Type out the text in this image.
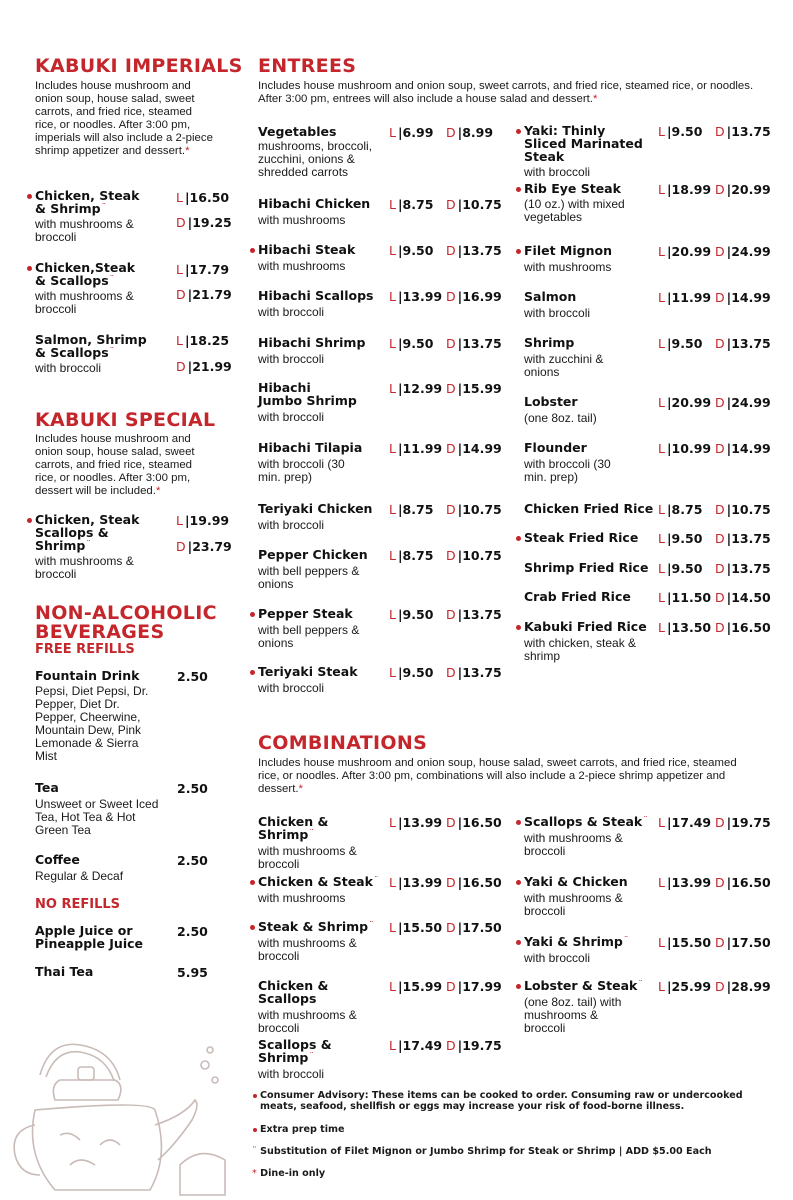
KABUKI IMPERIALS
Includes house mushroom and onion soup, house salad, sweet carrots, and fried rice, steamed rice, or noodles. After 3:00 pm, imperials will also include a 2-piece shrimp appetizer and dessert.*
Chicken, Steak & Shrimp¨
with mushrooms & broccoli
L |16.50
D |19.25
Chicken,Steak & Scallops¨
with mushrooms & broccoli
L |17.79
D |21.79
Salmon, Shrimp & Scallops¨
with broccoli
L |18.25
D |21.99
KABUKI SPECIAL
Includes house mushroom and onion soup, house salad, sweet carrots, and fried rice, steamed rice, or noodles. After 3:00 pm, dessert will be included.*
Chicken, Steak Scallops & Shrimp¨
with mushrooms & broccoli
L |19.99
D |23.79
NON-ALCOHOLIC BEVERAGES
FREE REFILLS
Fountain Drink
Pepsi, Diet Pepsi, Dr. Pepper, Diet Dr. Pepper, Cheerwine, Mountain Dew, Pink Lemonade & Sierra Mist
2.50
Tea
Unsweet or Sweet Iced Tea, Hot Tea & Hot Green Tea
2.50
Coffee
Regular & Decaf
2.50
NO REFILLS
Apple Juice or Pineapple Juice
2.50
Thai Tea	5.95
ENTREES
Includes house mushroom and onion soup, sweet carrots, and fried rice, steamed rice, or noodles. After 3:00 pm, entrees will also include a house salad and dessert.*
Vegetables
mushrooms, broccoli, zucchini, onions & shredded carrots
L |6.99 D |8.99
Hibachi Chicken
with mushrooms
L |8.75 D |10.75
Hibachi Steak
with mushrooms
L |9.50 D |13.75
Hibachi Scallops
with broccoli
L |13.99 D |16.99
Hibachi Shrimp
with broccoli
L |9.50 D |13.75
Hibachi Jumbo Shrimp
with broccoli
L |12.99 D |15.99
Hibachi Tilapia
with broccoli (30 min. prep)
L |11.99 D |14.99
Teriyaki Chicken
with broccoli
L |8.75 D |10.75
Pepper Chicken
with bell peppers & onions
L |8.75 D |10.75
Pepper Steak
with bell peppers & onions
L |9.50 D |13.75
Teriyaki Steak
with broccoli
L |9.50 D |13.75
Yaki: Thinly Sliced Marinated Steak
with broccoli
L |9.50 D |13.75
Rib Eye Steak
(10 oz.) with mixed vegetables
L |18.99 D |20.99
Filet Mignon
with mushrooms
L |20.99 D |24.99
Salmon
with broccoli
L |11.99 D |14.99
Shrimp
with zucchini & onions
L |9.50 D |13.75
Lobster
(one 8oz. tail)
L |20.99 D |24.99
Flounder
with broccoli (30 min. prep)
L |10.99 D |14.99
Chicken Fried Rice L |8.75 D |10.75
Steak Fried Rice	L |9.50 D |13.75
Shrimp Fried Rice L |9.50 D |13.75
Crab Fried Rice	L |11.50 D |14.50
Kabuki Fried Rice
with chicken, steak & shrimp
L |13.50 D |16.50
COMBINATIONS
Includes house mushroom and onion soup, house salad, sweet carrots, and fried rice, steamed rice, or noodles. After 3:00 pm, combinations will also include a 2-piece shrimp appetizer and dessert.*
Chicken & Shrimp¨
with mushrooms & broccoli
L |13.99 D |16.50
Chicken & Steak¨
with mushrooms
L |13.99 D |16.50
Steak & Shrimp¨
with mushrooms & broccoli
L |15.50 D |17.50
Chicken & Scallops
with mushrooms & broccoli
L |15.99 D |17.99
Scallops & Shrimp¨
with broccoli
L |17.49 D |19.75
Scallops & Steak¨
with mushrooms & broccoli
L |17.49 D |19.75
Yaki & Chicken
with mushrooms & broccoli
L |13.99 D |16.50
Yaki & Shrimp¨
with broccoli
L |15.50 D |17.50
Lobster & Steak¨
(one 8oz. tail) with mushrooms & broccoli
L |25.99 D |28.99
Consumer Advisory: These items can be cooked to order. Consuming raw or undercooked meats, seafood, shellfish or eggs may increase your risk of food-borne illness.
Extra prep time
¨ Substitution of Filet Mignon or Jumbo Shrimp for Steak or Shrimp | ADD $5.00 Each
* Dine-in only
